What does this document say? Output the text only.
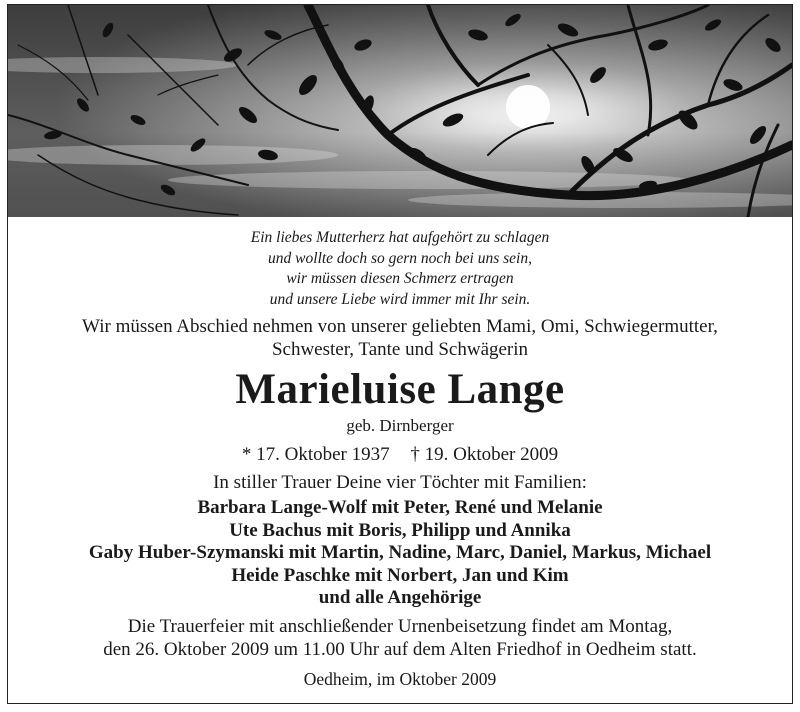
Ein liebes Mutterherz hat aufgehört zu schlagen
und wollte doch so gern noch bei uns sein,
wir müssen diesen Schmerz ertragen
und unsere Liebe wird immer mit Ihr sein.
Wir müssen Abschied nehmen von unserer geliebten Mami, Omi, Schwiegermutter,
Schwester, Tante und Schwägerin
Marieluise Lange
geb. Dirnberger
* 17. Oktober 1937 † 19. Oktober 2009
In stiller Trauer Deine vier Töchter mit Familien:
Barbara Lange-Wolf mit Peter, René und Melanie
Ute Bachus mit Boris, Philipp und Annika
Gaby Huber-Szymanski mit Martin, Nadine, Marc, Daniel, Markus, Michael
Heide Paschke mit Norbert, Jan und Kim
und alle Angehörige
Die Trauerfeier mit anschließender Urnenbeisetzung findet am Montag,
den 26. Oktober 2009 um 11.00 Uhr auf dem Alten Friedhof in Oedheim statt.
Oedheim, im Oktober 2009
